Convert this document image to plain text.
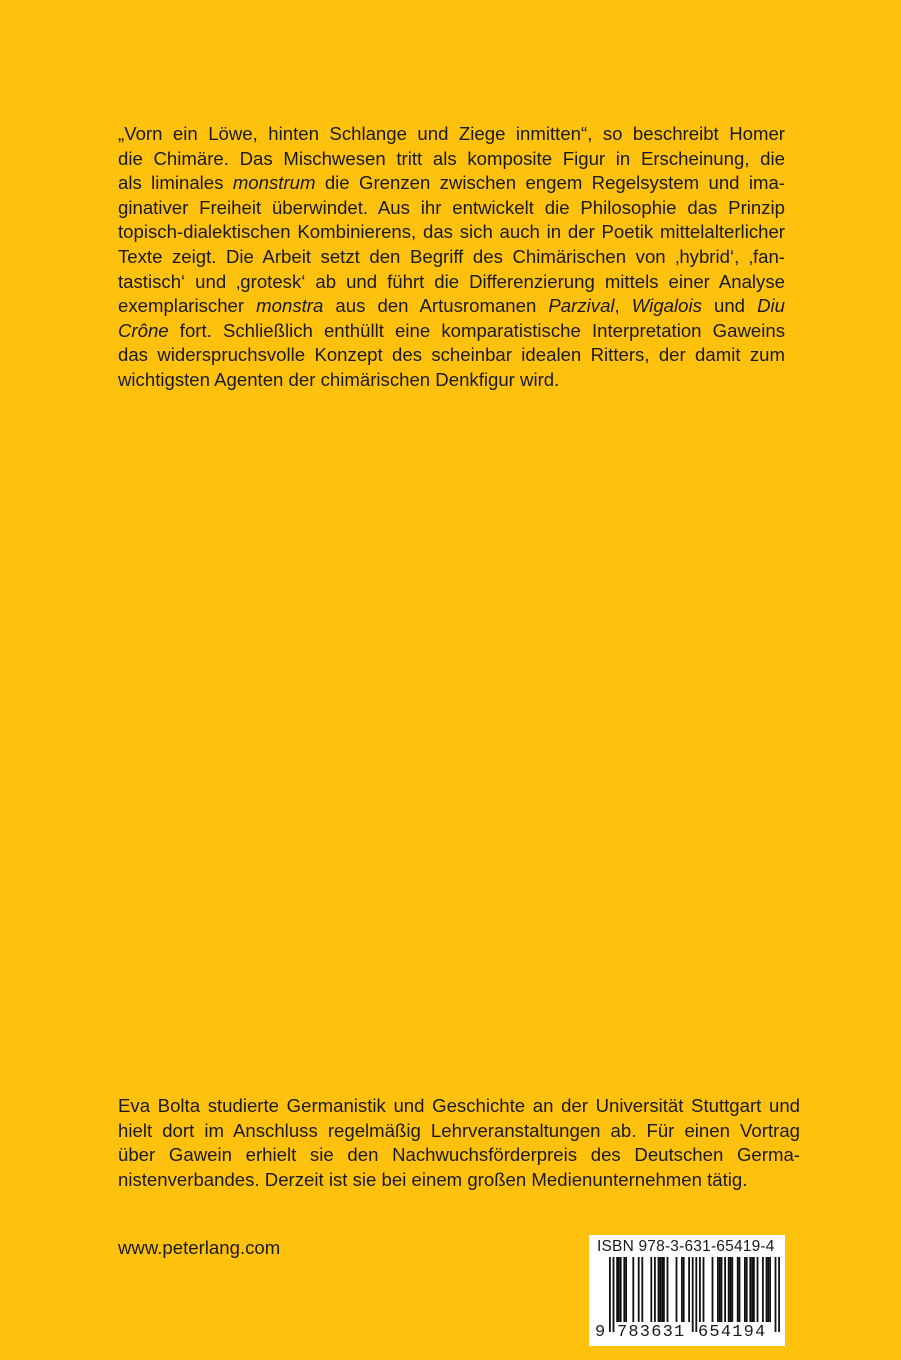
„Vorn ein Löwe, hinten Schlange und Ziege inmitten“, so beschreibt Homer
die Chimäre. Das Mischwesen tritt als komposite Figur in Erscheinung, die
als liminales monstrum die Grenzen zwischen engem Regelsystem und ima-
ginativer Freiheit überwindet. Aus ihr entwickelt die Philosophie das Prinzip
topisch-dialektischen Kombinierens, das sich auch in der Poetik mittelalterlicher
Texte zeigt. Die Arbeit setzt den Begriff des Chimärischen von ‚hybrid‘, ‚fan-
tastisch‘ und ‚grotesk‘ ab und führt die Differenzierung mittels einer Analyse
exemplarischer monstra aus den Artusromanen Parzival, Wigalois und Diu
Crône fort. Schließlich enthüllt eine komparatistische Interpretation Gaweins
das widerspruchsvolle Konzept des scheinbar idealen Ritters, der damit zum
wichtigsten Agenten der chimärischen Denkfigur wird.
Eva Bolta studierte Germanistik und Geschichte an der Universität Stuttgart und
hielt dort im Anschluss regelmäßig Lehrveranstaltungen ab. Für einen Vortrag
über Gawein erhielt sie den Nachwuchsförderpreis des Deutschen Germa-
nistenverbandes. Derzeit ist sie bei einem großen Medienunternehmen tätig.
www.peterlang.com	ISBN 978-3-631-65419-4
9 783631 654194
